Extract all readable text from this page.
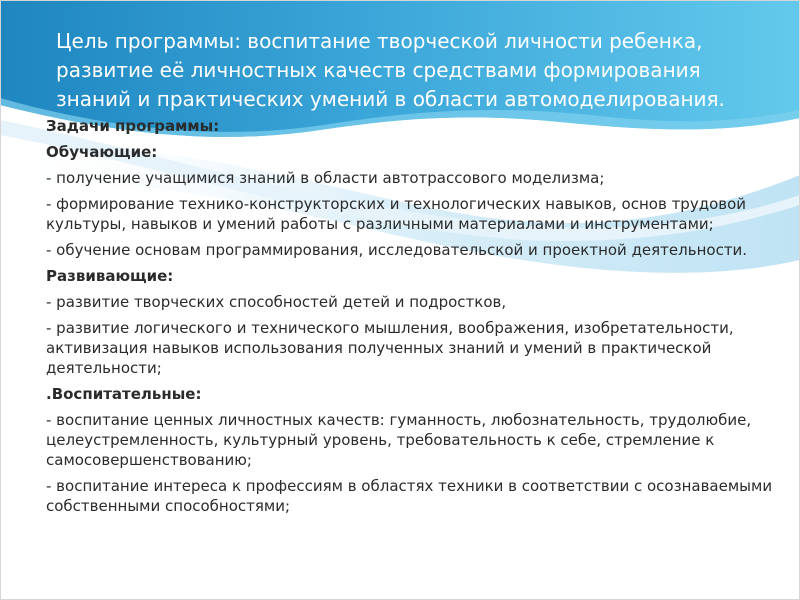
Цель программы: воспитание творческой личности ребенка, развитие её личностных качеств средствами формирования знаний и практических умений в области автомоделирования.

Задачи программы:

Обучающие:

- получение учащимися знаний в области автотрассового моделизма;

- формирование технико-конструкторских и технологических навыков, основ трудовой культуры, навыков и умений работы с различными материалами и инструментами;

- обучение основам программирования, исследовательской и проектной деятельности.

Развивающие:

- развитие творческих способностей детей и подростков,

- развитие логического и технического мышления, воображения, изобретательности, активизация навыков использования полученных знаний и умений в практической деятельности;

.Воспитательные:

- воспитание ценных личностных качеств: гуманность, любознательность, трудолюбие, целеустремленность, культурный уровень, требовательность к себе, стремление к самосовершенствованию;

- воспитание интереса к профессиям в областях техники в соответствии с осознаваемыми собственными способностями;
